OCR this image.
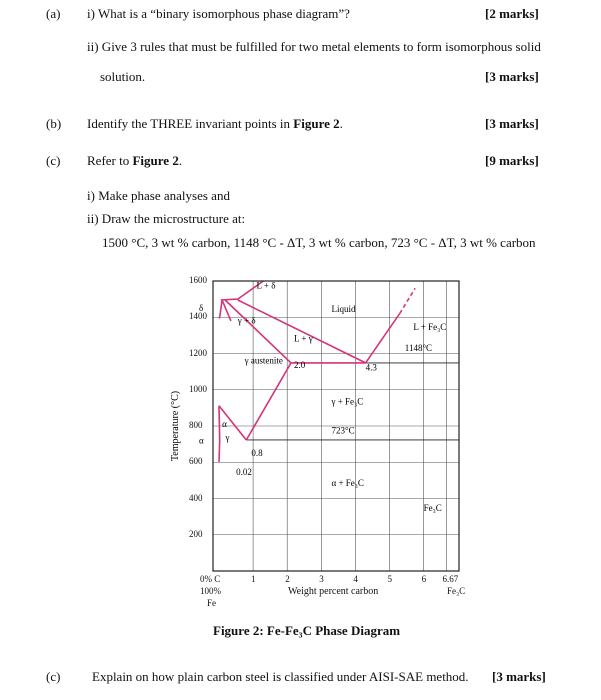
(a) i) What is a “binary isomorphous phase diagram”?	[2 marks]
ii) Give 3 rules that must be fulfilled for two metal elements to form isomorphous solid
solution.	[3 marks]
(b) Identify the THREE invariant points in Figure 2.	[3 marks]
(c) Refer to Figure 2.	[9 marks]
i) Make phase analyses and
ii) Draw the microstructure at:
1500 °C, 3 wt % carbon, 1148 °C - ΔT, 3 wt % carbon, 723 °C - ΔT, 3 wt % carbon
Temperature (°C)
L + δ
Liquid
γ + δ
L + γ
L + Fe₃C
1148°C
γ austenite 2.0	4.3
γ + Fe₃C
723°C
α
γ
0.8
0.02
α + Fe₃C
Fe₃C
δ
α
200
400
600
800
1000
1200
1400
1600
0% C	1	2	3	4	5	6 6.67
100%
Fe
Fe₃C
Weight percent carbon
Figure 2: Fe-Fe₃C Phase Diagram
(c) Explain on how plain carbon steel is classified under AISI-SAE method. [3 marks]
